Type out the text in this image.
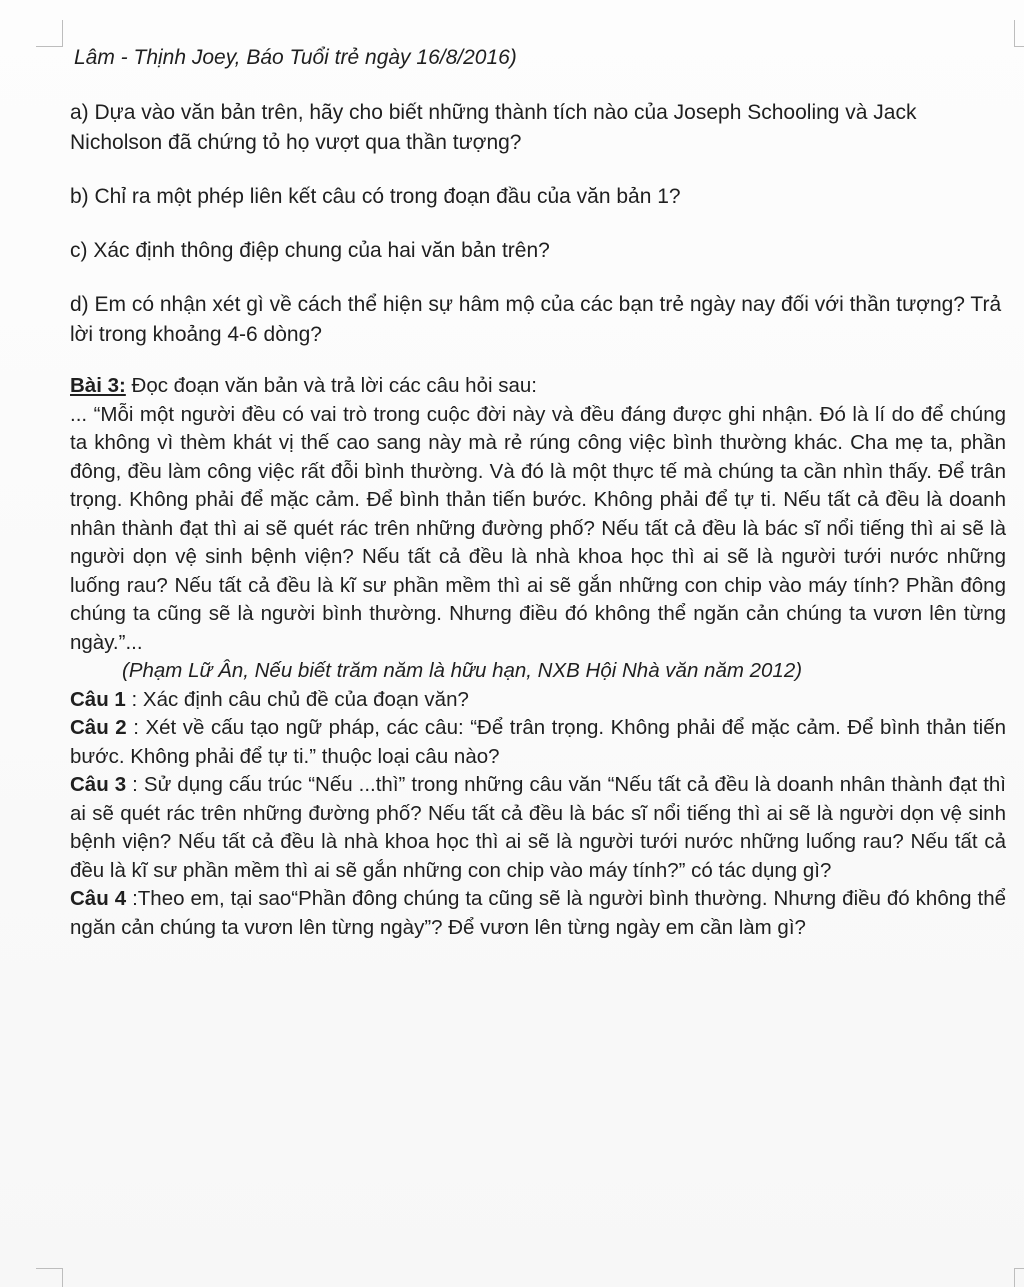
Lâm - Thịnh Joey, Báo Tuổi trẻ ngày 16/8/2016)

a) Dựa vào văn bản trên, hãy cho biết những thành tích nào của Joseph Schooling và Jack Nicholson đã chứng tỏ họ vượt qua thần tượng?

b) Chỉ ra một phép liên kết câu có trong đoạn đầu của văn bản 1?

c) Xác định thông điệp chung của hai văn bản trên?

d) Em có nhận xét gì về cách thể hiện sự hâm mộ của các bạn trẻ ngày nay đối với thần tượng? Trả lời trong khoảng 4-6 dòng?

Bài 3: Đọc đoạn văn bản và trả lời các câu hỏi sau:

... “Mỗi một người đều có vai trò trong cuộc đời này và đều đáng được ghi nhận. Đó là lí do để chúng ta không vì thèm khát vị thế cao sang này mà rẻ rúng công việc bình thường khác. Cha mẹ ta, phần đông, đều làm công việc rất đỗi bình thường. Và đó là một thực tế mà chúng ta cần nhìn thấy. Để trân trọng. Không phải để mặc cảm. Để bình thản tiến bước. Không phải để tự ti. Nếu tất cả đều là doanh nhân thành đạt thì ai sẽ quét rác trên những đường phố? Nếu tất cả đều là bác sĩ nổi tiếng thì ai sẽ là người dọn vệ sinh bệnh viện? Nếu tất cả đều là nhà khoa học thì ai sẽ là người tưới nước những luống rau? Nếu tất cả đều là kĩ sư phần mềm thì ai sẽ gắn những con chip vào máy tính? Phần đông chúng ta cũng sẽ là người bình thường. Nhưng điều đó không thể ngăn cản chúng ta vươn lên từng ngày.”...

(Phạm Lữ Ân, Nếu biết trăm năm là hữu hạn, NXB Hội Nhà văn năm 2012)

Câu 1 : Xác định câu chủ đề của đoạn văn?

Câu 2 : Xét về cấu tạo ngữ pháp, các câu: “Để trân trọng. Không phải để mặc cảm. Để bình thản tiến bước. Không phải để tự ti.” thuộc loại câu nào?

Câu 3 : Sử dụng cấu trúc “Nếu ...thì” trong những câu văn “Nếu tất cả đều là doanh nhân thành đạt thì ai sẽ quét rác trên những đường phố? Nếu tất cả đều là bác sĩ nổi tiếng thì ai sẽ là người dọn vệ sinh bệnh viện? Nếu tất cả đều là nhà khoa học thì ai sẽ là người tưới nước những luống rau? Nếu tất cả đều là kĩ sư phần mềm thì ai sẽ gắn những con chip vào máy tính?” có tác dụng gì?

Câu 4 :Theo em, tại sao“Phần đông chúng ta cũng sẽ là người bình thường. Nhưng điều đó không thể ngăn cản chúng ta vươn lên từng ngày”? Để vươn lên từng ngày em cần làm gì?
